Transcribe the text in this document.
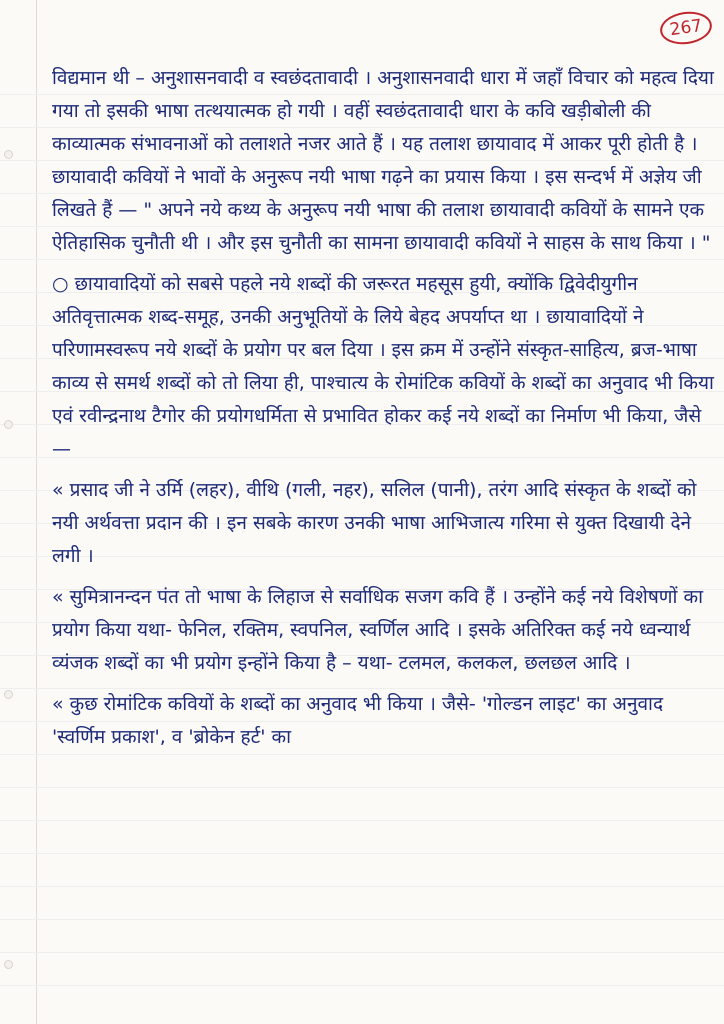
267

विद्यमान थी – अनुशासनवादी व स्वछंदतावादी । अनुशासनवादी धारा में जहाँ विचार को महत्व दिया गया तो इसकी भाषा तत्थयात्मक हो गयी । वहीं स्वछंदतावादी धारा के कवि खड़ीबोली की काव्यात्मक संभावनाओं को तलाशते नजर आते हैं । यह तलाश छायावाद में आकर पूरी होती है । छायावादी कवियों ने भावों के अनुरूप नयी भाषा गढ़ने का प्रयास किया । इस सन्दर्भ में अज्ञेय जी लिखते हैं — " अपने नये कथ्य के अनुरूप नयी भाषा की तलाश छायावादी कवियों के सामने एक ऐतिहासिक चुनौती थी । और इस चुनौती का सामना छायावादी कवियों ने साहस के साथ किया । "

○ छायावादियों को सबसे पहले नये शब्दों की जरूरत महसूस हुयी, क्योंकि द्विवेदीयुगीन अतिवृत्तात्मक शब्द-समूह, उनकी अनुभूतियों के लिये बेहद अपर्याप्त था । छायावादियों ने परिणामस्वरूप नये शब्दों के प्रयोग पर बल दिया । इस क्रम में उन्होंने संस्कृत-साहित्य, ब्रज-भाषा काव्य से समर्थ शब्दों को तो लिया ही, पाश्चात्य के रोमांटिक कवियों के शब्दों का अनुवाद भी किया एवं रवीन्द्रनाथ टैगोर की प्रयोगधर्मिता से प्रभावित होकर कई नये शब्दों का निर्माण भी किया, जैसे —

« प्रसाद जी ने उर्मि (लहर), वीथि (गली, नहर), सलिल (पानी), तरंग आदि संस्कृत के शब्दों को नयी अर्थवत्ता प्रदान की । इन सबके कारण उनकी भाषा आभिजात्य गरिमा से युक्त दिखायी देने लगी ।

« सुमित्रानन्दन पंत तो भाषा के लिहाज से सर्वाधिक सजग कवि हैं । उन्होंने कई नये विशेषणों का प्रयोग किया यथा- फेनिल, रक्तिम, स्वपनिल, स्वर्णिल आदि । इसके अतिरिक्त कई नये ध्वन्यार्थ व्यंजक शब्दों का भी प्रयोग इन्होंने किया है – यथा- टलमल, कलकल, छलछल आदि ।

« कुछ रोमांटिक कवियों के शब्दों का अनुवाद भी किया । जैसे- 'गोल्डन लाइट' का अनुवाद 'स्वर्णिम प्रकाश', व 'ब्रोकेन हर्ट' का
